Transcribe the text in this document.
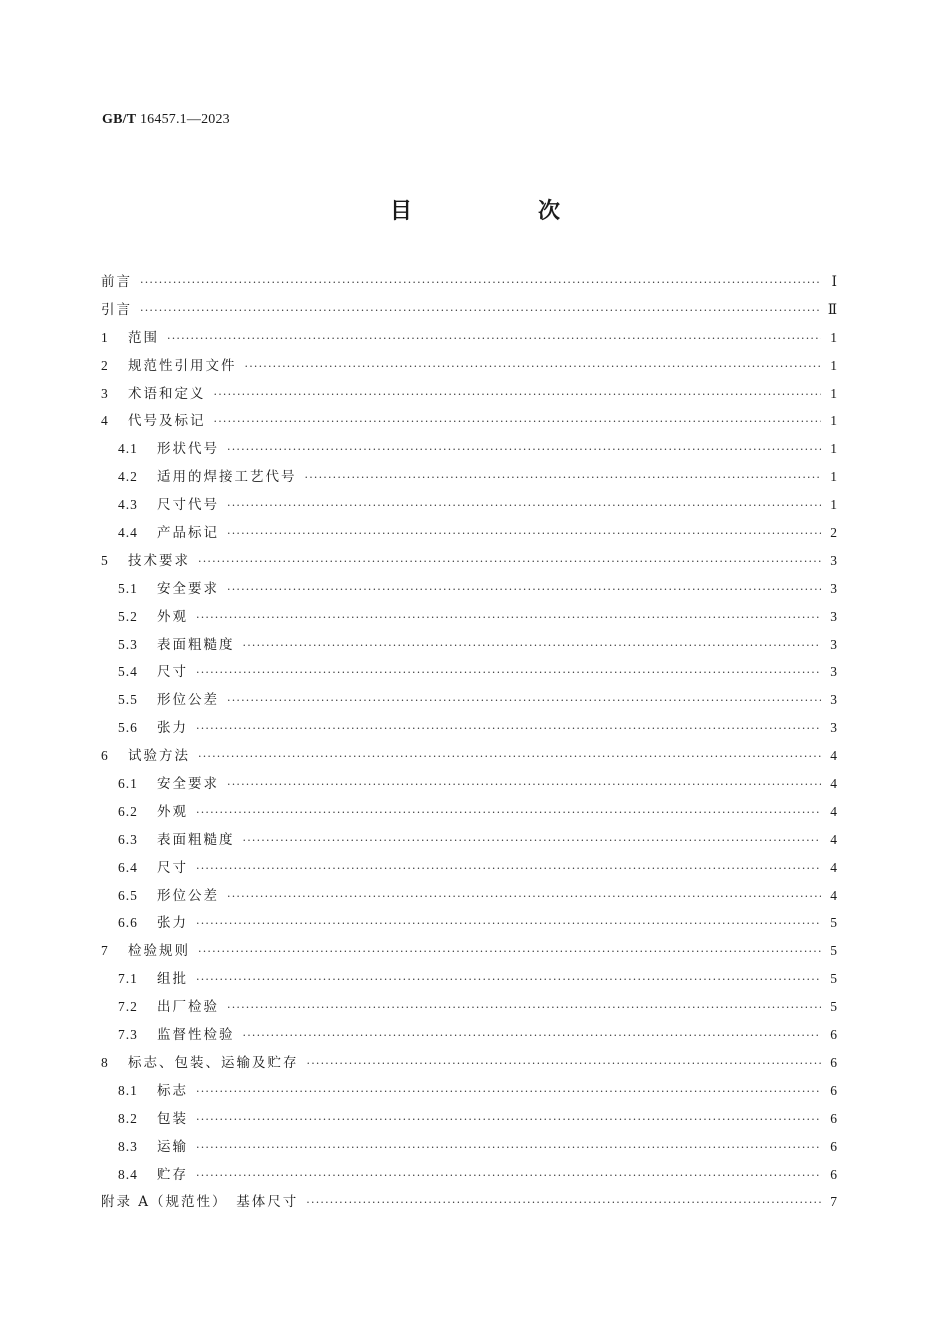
GB/T 16457.1—2023
目　次
前言 ·····	Ⅰ
引言 ·····	Ⅱ
1	范围 ·····	1
2	规范性引用文件 ·····	1
3	术语和定义 ·····	1
4	代号及标记 ·····	1
4.1	形状代号 ·····	1
4.2	适用的焊接工艺代号 ·····	1
4.3	尺寸代号 ·····	1
4.4	产品标记 ·····	2
5	技术要求 ·····	3
5.1	安全要求 ·····	3
5.2	外观 ·····	3
5.3	表面粗糙度 ·····	3
5.4	尺寸 ·····	3
5.5	形位公差 ·····	3
5.6	张力 ·····	3
6	试验方法 ·····	4
6.1	安全要求 ·····	4
6.2	外观 ·····	4
6.3	表面粗糙度 ·····	4
6.4	尺寸 ·····	4
6.5	形位公差 ·····	4
6.6	张力 ·····	5
7	检验规则 ·····	5
7.1	组批 ·····	5
7.2	出厂检验 ·····	5
7.3	监督性检验 ·····	6
8	标志、包装、运输及贮存 ·····	6
8.1	标志 ·····	6
8.2	包装 ·····	6
8.3	运输 ·····	6
8.4	贮存 ·····	6
附录 A（规范性）　基体尺寸 ·····	7
